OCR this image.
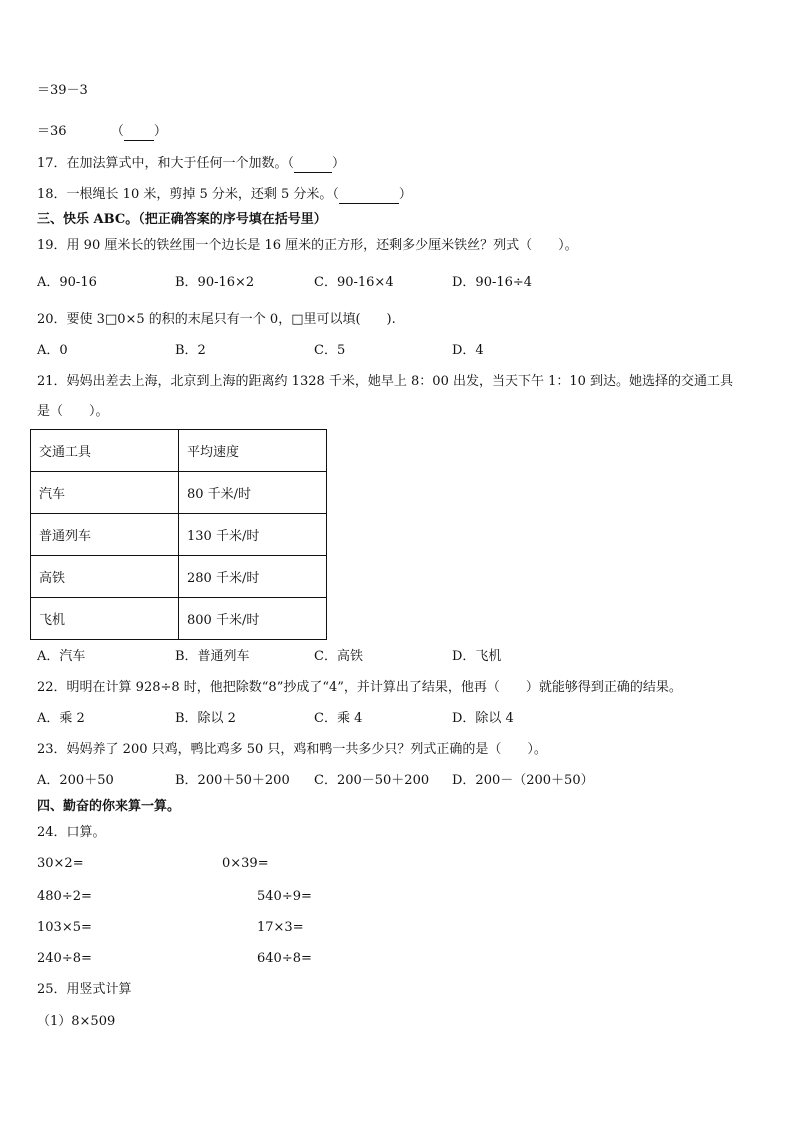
＝39－3
＝36	（ ）
17．在加法算式中，和大于任何一个加数。（	）
18．一根绳长 10 米，剪掉 5 分米，还剩 5 分米。（	）
三、快乐 ABC。（把正确答案的序号填在括号里）
19．用 90 厘米长的铁丝围一个边长是 16 厘米的正方形，还剩多少厘米铁丝？列式（　　）。
A．90-16	B．90-16×2	C．90-16×4	D．90-16÷4
20．要使 3□0×5 的积的末尾只有一个 0，□里可以填(　　).
A．0	B．2	C．5	D．4
21．妈妈出差去上海，北京到上海的距离约 1328 千米，她早上 8：00 出发，当天下午 1：10 到达。她选择的交通工具
是（　　）。
交通工具	平均速度
汽车	80 千米/时
普通列车	130 千米/时
高铁	280 千米/时
飞机	800 千米/时
A．汽车	B．普通列车	C．高铁	D．飞机
22．明明在计算 928÷8 时，他把除数“8”抄成了“4”，并计算出了结果，他再（　　）就能够得到正确的结果。
A．乘 2	B．除以 2	C．乘 4	D．除以 4
23．妈妈养了 200 只鸡，鸭比鸡多 50 只，鸡和鸭一共多少只？列式正确的是（　　）。
A．200＋50	B．200＋50＋200 C．200－50＋200 D．200－（200＋50）
四、勤奋的你来算一算。
24．口算。
30×2=	0×39=
480÷2=	540÷9=
103×5=	17×3=
240÷8=	640÷8=
25．用竖式计算
（1）8×509
